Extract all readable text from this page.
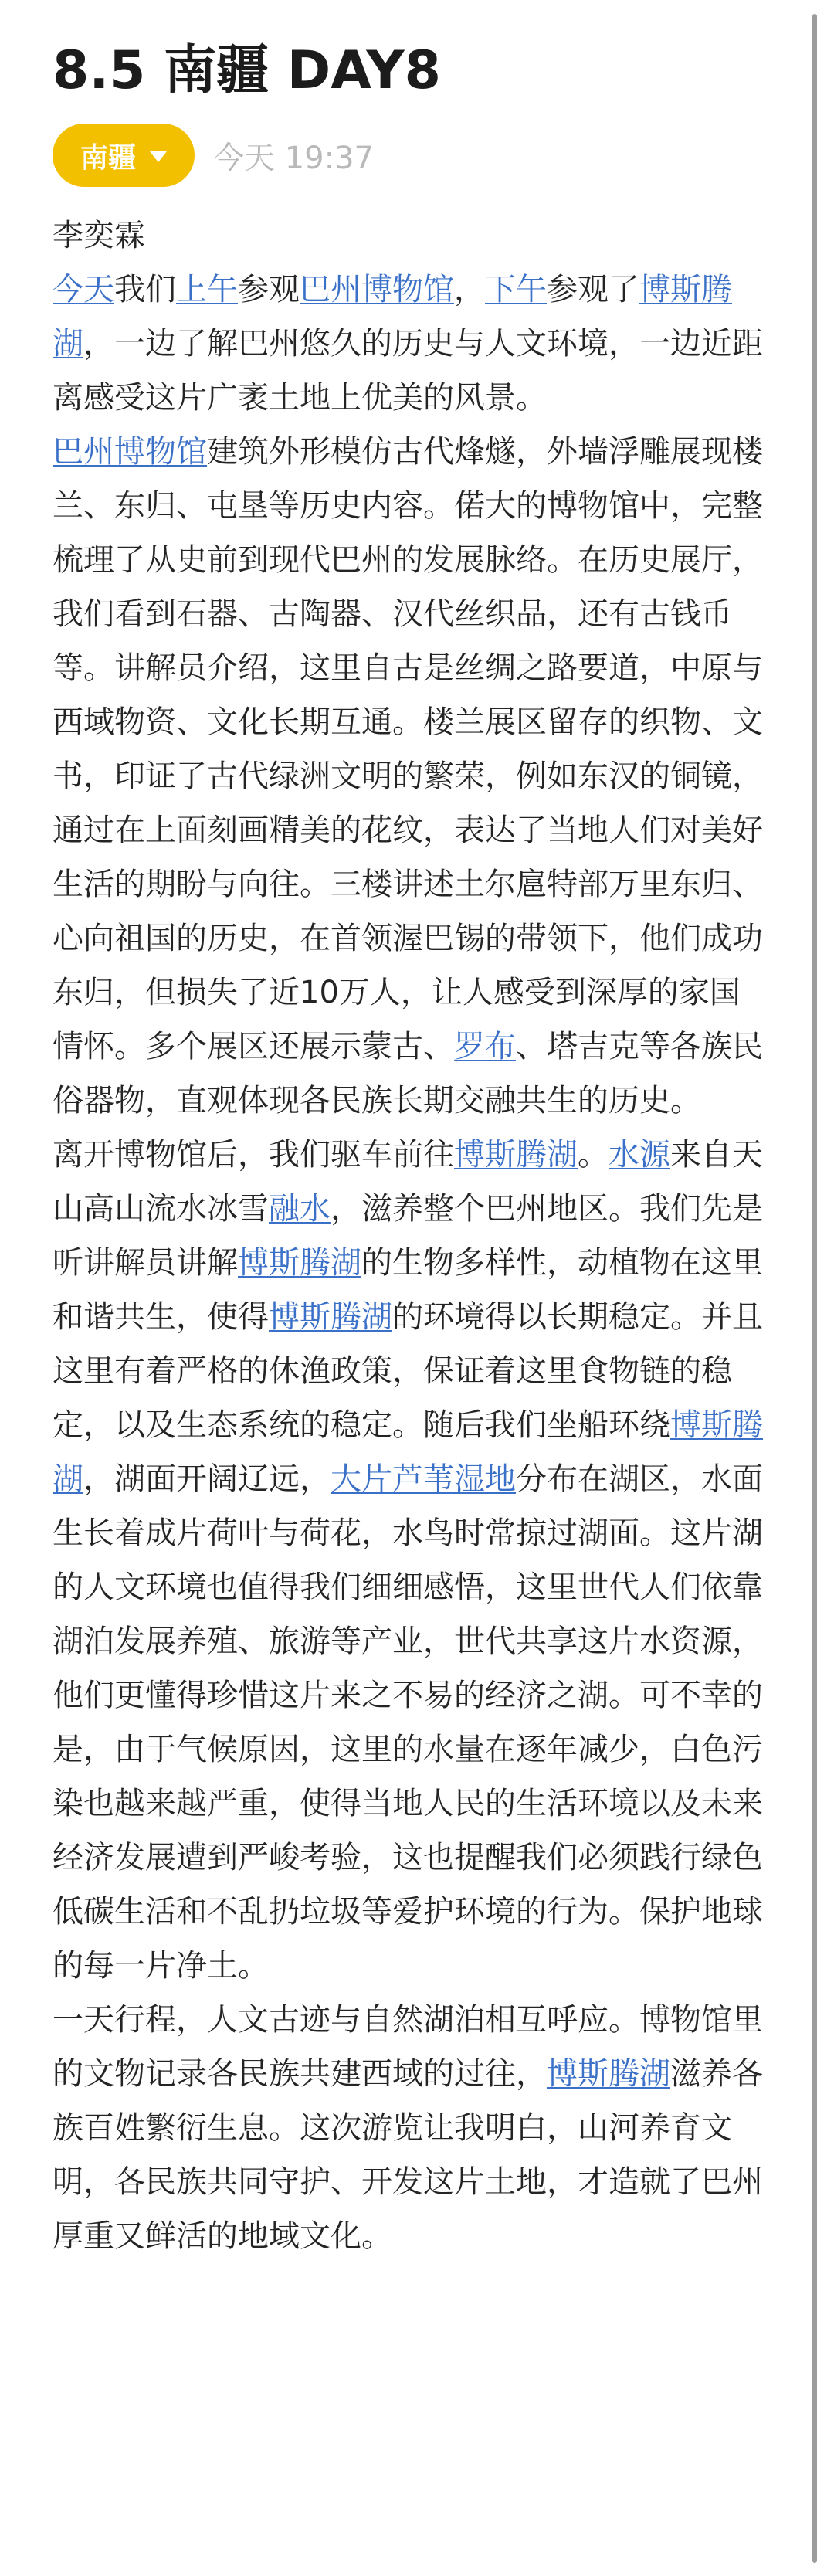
8.5 南疆 DAY8
南疆	今天 19:37

李奕霖

今天我们上午参观巴州博物馆，下午参观了博斯腾湖，一边了解巴州悠久的历史与人文环境，一边近距离感受这片广袤土地上优美的风景。

巴州博物馆建筑外形模仿古代烽燧，外墙浮雕展现楼兰、东归、屯垦等历史内容。偌大的博物馆中，完整梳理了从史前到现代巴州的发展脉络。在历史展厅，我们看到石器、古陶器、汉代丝织品，还有古钱币等。讲解员介绍，这里自古是丝绸之路要道，中原与西域物资、文化长期互通。楼兰展区留存的织物、文书，印证了古代绿洲文明的繁荣，例如东汉的铜镜，通过在上面刻画精美的花纹，表达了当地人们对美好生活的期盼与向往。三楼讲述土尔扈特部万里东归、心向祖国的历史，在首领渥巴锡的带领下，他们成功东归，但损失了近10万人，让人感受到深厚的家国情怀。多个展区还展示蒙古、罗布、塔吉克等各族民俗器物，直观体现各民族长期交融共生的历史。

离开博物馆后，我们驱车前往博斯腾湖。水源来自天山高山流水冰雪融水，滋养整个巴州地区。我们先是听讲解员讲解博斯腾湖的生物多样性，动植物在这里和谐共生，使得博斯腾湖的环境得以长期稳定。并且这里有着严格的休渔政策，保证着这里食物链的稳定，以及生态系统的稳定。随后我们坐船环绕博斯腾湖，湖面开阔辽远，大片芦苇湿地分布在湖区，水面生长着成片荷叶与荷花，水鸟时常掠过湖面。这片湖的人文环境也值得我们细细感悟，这里世代人们依靠湖泊发展养殖、旅游等产业，世代共享这片水资源，他们更懂得珍惜这片来之不易的经济之湖。可不幸的是，由于气候原因，这里的水量在逐年减少，白色污染也越来越严重，使得当地人民的生活环境以及未来经济发展遭到严峻考验，这也提醒我们必须践行绿色低碳生活和不乱扔垃圾等爱护环境的行为。保护地球的每一片净土。

一天行程，人文古迹与自然湖泊相互呼应。博物馆里的文物记录各民族共建西域的过往，博斯腾湖滋养各族百姓繁衍生息。这次游览让我明白，山河养育文明，各民族共同守护、开发这片土地，才造就了巴州厚重又鲜活的地域文化。
